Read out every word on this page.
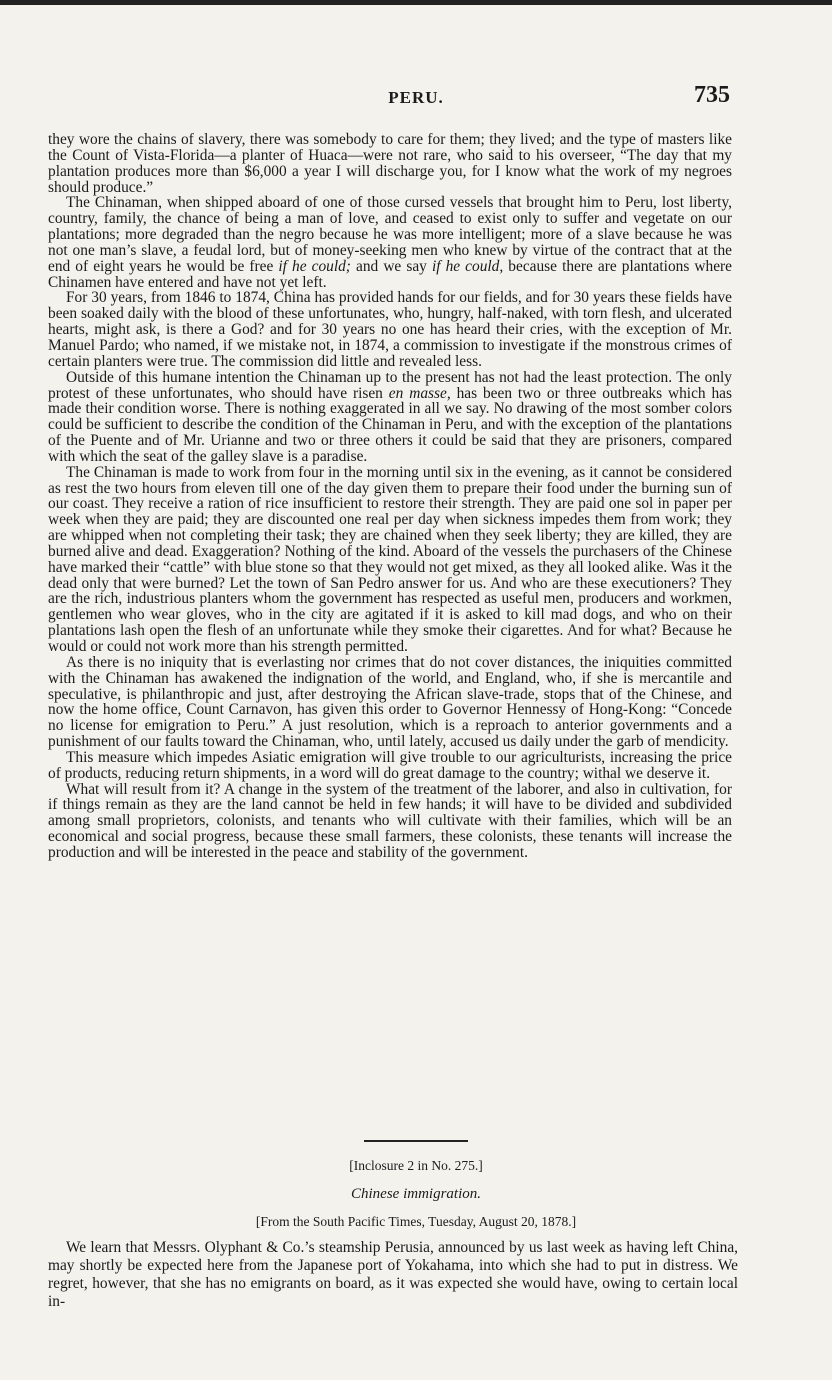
PERU.	735

they wore the chains of slavery, there was somebody to care for them; they lived; and the type of masters like the Count of Vista-Florida—a planter of Huaca—were not rare, who said to his overseer, “The day that my plantation produces more than $6,000 a year I will discharge you, for I know what the work of my negroes should produce.”

The Chinaman, when shipped aboard of one of those cursed vessels that brought him to Peru, lost liberty, country, family, the chance of being a man of love, and ceased to exist only to suffer and vegetate on our plantations; more degraded than the negro because he was more intelligent; more of a slave because he was not one man’s slave, a feudal lord, but of money-seeking men who knew by virtue of the contract that at the end of eight years he would be free if he could; and we say if he could, because there are plantations where Chinamen have entered and have not yet left.

For 30 years, from 1846 to 1874, China has provided hands for our fields, and for 30 years these fields have been soaked daily with the blood of these unfortunates, who, hungry, half-naked, with torn flesh, and ulcerated hearts, might ask, is there a God? and for 30 years no one has heard their cries, with the exception of Mr. Manuel Pardo; who named, if we mistake not, in 1874, a commission to investigate if the monstrous crimes of certain planters were true. The commission did little and revealed less.

Outside of this humane intention the Chinaman up to the present has not had the least protection. The only protest of these unfortunates, who should have risen en masse, has been two or three outbreaks which has made their condition worse. There is nothing exaggerated in all we say. No drawing of the most somber colors could be sufficient to describe the condition of the Chinaman in Peru, and with the exception of the plantations of the Puente and of Mr. Urianne and two or three others it could be said that they are prisoners, compared with which the seat of the galley slave is a paradise.

The Chinaman is made to work from four in the morning until six in the evening, as it cannot be considered as rest the two hours from eleven till one of the day given them to prepare their food under the burning sun of our coast. They receive a ration of rice insufficient to restore their strength. They are paid one sol in paper per week when they are paid; they are discounted one real per day when sickness impedes them from work; they are whipped when not completing their task; they are chained when they seek liberty; they are killed, they are burned alive and dead. Exaggeration? Nothing of the kind. Aboard of the vessels the purchasers of the Chinese have marked their “cattle” with blue stone so that they would not get mixed, as they all looked alike. Was it the dead only that were burned? Let the town of San Pedro answer for us. And who are these executioners? They are the rich, industrious planters whom the government has respected as useful men, producers and workmen, gentlemen who wear gloves, who in the city are agitated if it is asked to kill mad dogs, and who on their plantations lash open the flesh of an unfortunate while they smoke their cigarettes. And for what? Because he would or could not work more than his strength permitted.

As there is no iniquity that is everlasting nor crimes that do not cover distances, the iniquities committed with the Chinaman has awakened the indignation of the world, and England, who, if she is mercantile and speculative, is philanthropic and just, after destroying the African slave-trade, stops that of the Chinese, and now the home office, Count Carnavon, has given this order to Governor Hennessy of Hong-Kong: “Concede no license for emigration to Peru.” A just resolution, which is a reproach to anterior governments and a punishment of our faults toward the Chinaman, who, until lately, accused us daily under the garb of mendicity.

This measure which impedes Asiatic emigration will give trouble to our agriculturists, increasing the price of products, reducing return shipments, in a word will do great damage to the country; withal we deserve it.

What will result from it? A change in the system of the treatment of the laborer, and also in cultivation, for if things remain as they are the land cannot be held in few hands; it will have to be divided and subdivided among small proprietors, colonists, and tenants who will cultivate with their families, which will be an economical and social progress, because these small farmers, these colonists, these tenants will increase the production and will be interested in the peace and stability of the government.

[Inclosure 2 in No. 275.]
Chinese immigration.
[From the South Pacific Times, Tuesday, August 20, 1878.]

We learn that Messrs. Olyphant & Co.’s steamship Perusia, announced by us last week as having left China, may shortly be expected here from the Japanese port of Yokahama, into which she had to put in distress. We regret, however, that she has no emigrants on board, as it was expected she would have, owing to certain local in-
